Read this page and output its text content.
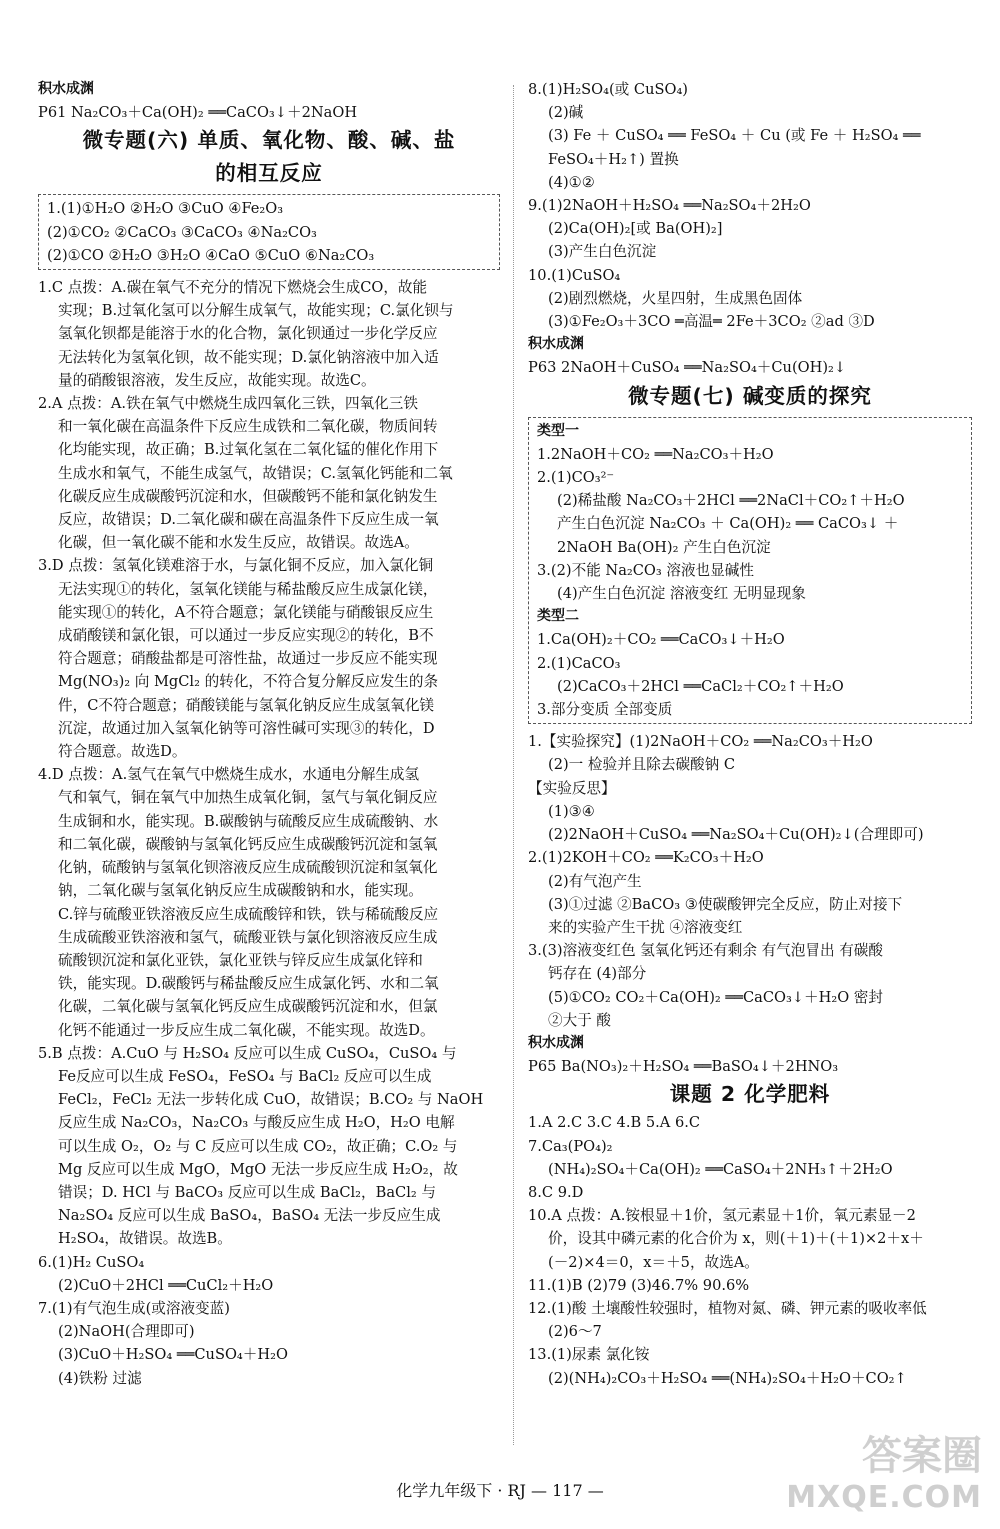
积水成渊
P61 Na₂CO₃＋Ca(OH)₂ ══CaCO₃↓＋2NaOH
微专题(六) 单质、氧化物、酸、碱、盐
的相互反应
1.(1)①H₂O ②H₂O ③CuO ④Fe₂O₃
(2)①CO₂ ②CaCO₃ ③CaCO₃ ④Na₂CO₃
(2)①CO ②H₂O ③H₂O ④CaO ⑤CuO ⑥Na₂CO₃
1.C 点拨：A.碳在氧气不充分的情况下燃烧会生成CO，故能
实现；B.过氧化氢可以分解生成氧气，故能实现；C.氯化钡与
氢氧化钡都是能溶于水的化合物，氯化钡通过一步化学反应
无法转化为氢氧化钡，故不能实现；D.氯化钠溶液中加入适
量的硝酸银溶液，发生反应，故能实现。故选C。
2.A 点拨：A.铁在氧气中燃烧生成四氧化三铁，四氧化三铁
和一氧化碳在高温条件下反应生成铁和二氧化碳，物质间转
化均能实现，故正确；B.过氧化氢在二氧化锰的催化作用下
生成水和氧气，不能生成氢气，故错误；C.氢氧化钙能和二氧
化碳反应生成碳酸钙沉淀和水，但碳酸钙不能和氯化钠发生
反应，故错误；D.二氧化碳和碳在高温条件下反应生成一氧
化碳，但一氧化碳不能和水发生反应，故错误。故选A。
3.D 点拨：氢氧化镁难溶于水，与氯化铜不反应，加入氯化铜
无法实现①的转化，氢氧化镁能与稀盐酸反应生成氯化镁，
能实现①的转化，A不符合题意；氯化镁能与硝酸银反应生
成硝酸镁和氯化银，可以通过一步反应实现②的转化，B不
符合题意；硝酸盐都是可溶性盐，故通过一步反应不能实现
Mg(NO₃)₂ 向 MgCl₂ 的转化，不符合复分解反应发生的条
件，C不符合题意；硝酸镁能与氢氧化钠反应生成氢氧化镁
沉淀，故通过加入氢氧化钠等可溶性碱可实现③的转化，D
符合题意。故选D。
4.D 点拨：A.氢气在氧气中燃烧生成水，水通电分解生成氢
气和氧气，铜在氧气中加热生成氧化铜，氢气与氧化铜反应
生成铜和水，能实现。B.碳酸钠与硫酸反应生成硫酸钠、水
和二氧化碳，碳酸钠与氢氧化钙反应生成碳酸钙沉淀和氢氧
化钠，硫酸钠与氢氧化钡溶液反应生成硫酸钡沉淀和氢氧化
钠，二氧化碳与氢氧化钠反应生成碳酸钠和水，能实现。
C.锌与硫酸亚铁溶液反应生成硫酸锌和铁，铁与稀硫酸反应
生成硫酸亚铁溶液和氢气，硫酸亚铁与氯化钡溶液反应生成
硫酸钡沉淀和氯化亚铁，氯化亚铁与锌反应生成氯化锌和
铁，能实现。D.碳酸钙与稀盐酸反应生成氯化钙、水和二氧
化碳，二氧化碳与氢氧化钙反应生成碳酸钙沉淀和水，但氯
化钙不能通过一步反应生成二氧化碳，不能实现。故选D。
5.B 点拨：A.CuO 与 H₂SO₄ 反应可以生成 CuSO₄，CuSO₄ 与
Fe反应可以生成 FeSO₄，FeSO₄ 与 BaCl₂ 反应可以生成
FeCl₂，FeCl₂ 无法一步转化成 CuO，故错误；B.CO₂ 与 NaOH
反应生成 Na₂CO₃，Na₂CO₃ 与酸反应生成 H₂O，H₂O 电解
可以生成 O₂，O₂ 与 C 反应可以生成 CO₂，故正确；C.O₂ 与
Mg 反应可以生成 MgO，MgO 无法一步反应生成 H₂O₂，故
错误；D. HCl 与 BaCO₃ 反应可以生成 BaCl₂，BaCl₂ 与
Na₂SO₄ 反应可以生成 BaSO₄，BaSO₄ 无法一步反应生成
H₂SO₄，故错误。故选B。
6.(1)H₂ CuSO₄
(2)CuO＋2HCl ══CuCl₂＋H₂O
7.(1)有气泡生成(或溶液变蓝)
(2)NaOH(合理即可)
(3)CuO＋H₂SO₄ ══CuSO₄＋H₂O
(4)铁粉 过滤
8.(1)H₂SO₄(或 CuSO₄)
(2)碱
(3) Fe ＋ CuSO₄ ══ FeSO₄ ＋ Cu (或 Fe ＋ H₂SO₄ ══
FeSO₄＋H₂↑) 置换
(4)①②
9.(1)2NaOH＋H₂SO₄ ══Na₂SO₄＋2H₂O
(2)Ca(OH)₂[或 Ba(OH)₂]
(3)产生白色沉淀
10.(1)CuSO₄
(2)剧烈燃烧，火星四射，生成黑色固体
(3)①Fe₂O₃＋3CO ═高温═ 2Fe＋3CO₂ ②ad ③D
积水成渊
P63 2NaOH＋CuSO₄ ══Na₂SO₄＋Cu(OH)₂↓
微专题(七) 碱变质的探究
类型一
1.2NaOH＋CO₂ ══Na₂CO₃＋H₂O
2.(1)CO₃²⁻
(2)稀盐酸 Na₂CO₃＋2HCl ══2NaCl＋CO₂↑＋H₂O
产生白色沉淀 Na₂CO₃ ＋ Ca(OH)₂ ══ CaCO₃↓ ＋
2NaOH Ba(OH)₂ 产生白色沉淀
3.(2)不能 Na₂CO₃ 溶液也显碱性
(4)产生白色沉淀 溶液变红 无明显现象
类型二
1.Ca(OH)₂＋CO₂ ══CaCO₃↓＋H₂O
2.(1)CaCO₃
(2)CaCO₃＋2HCl ══CaCl₂＋CO₂↑＋H₂O
3.部分变质 全部变质
1.【实验探究】(1)2NaOH＋CO₂ ══Na₂CO₃＋H₂O
(2)一 检验并且除去碳酸钠 C
【实验反思】
(1)③④
(2)2NaOH＋CuSO₄ ══Na₂SO₄＋Cu(OH)₂↓(合理即可)
2.(1)2KOH＋CO₂ ══K₂CO₃＋H₂O
(2)有气泡产生
(3)①过滤 ②BaCO₃ ③使碳酸钾完全反应，防止对接下
来的实验产生干扰 ④溶液变红
3.(3)溶液变红色 氢氧化钙还有剩余 有气泡冒出 有碳酸
钙存在 (4)部分
(5)①CO₂ CO₂＋Ca(OH)₂ ══CaCO₃↓＋H₂O 密封
②大于 酸
积水成渊
P65 Ba(NO₃)₂＋H₂SO₄ ══BaSO₄↓＋2HNO₃
课题 2 化学肥料
1.A 2.C 3.C 4.B 5.A 6.C
7.Ca₃(PO₄)₂
(NH₄)₂SO₄＋Ca(OH)₂ ══CaSO₄＋2NH₃↑＋2H₂O
8.C 9.D
10.A 点拨：A.铵根显＋1价，氢元素显＋1价，氧元素显－2
价，设其中磷元素的化合价为 x，则(＋1)＋(＋1)×2＋x＋
(－2)×4＝0，x＝＋5，故选A。
11.(1)B (2)79 (3)46.7% 90.6%
12.(1)酸 土壤酸性较强时，植物对氮、磷、钾元素的吸收率低
(2)6～7
13.(1)尿素 氯化铵
(2)(NH₄)₂CO₃＋H₂SO₄ ══(NH₄)₂SO₄＋H₂O＋CO₂↑
化学九年级下 · RJ — 117 —
答案圈
MXQE.COM
